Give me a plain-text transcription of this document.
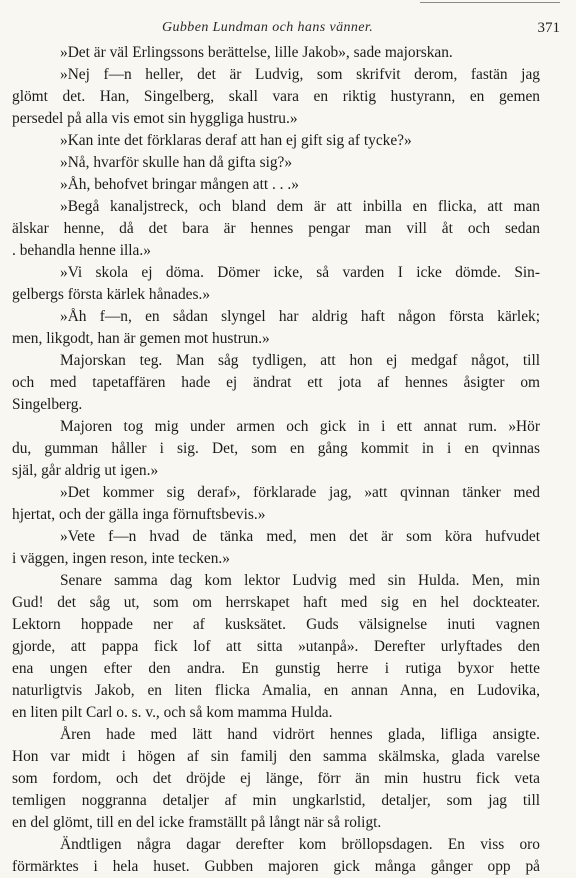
Gubben Lundman och hans vänner.	371
»Det är väl Erlingssons berättelse, lille Jakob», sade majorskan.
»Nej f—n heller, det är Ludvig, som skrifvit derom, fastän jag
glömt det. Han, Singelberg, skall vara en riktig hustyrann, en gemen
persedel på alla vis emot sin hyggliga hustru.»
»Kan inte det förklaras deraf att han ej gift sig af tycke?»
»Nå, hvarför skulle han då gifta sig?»
»Åh, behofvet bringar mången att . . .»
»Begå kanaljstreck, och bland dem är att inbilla en flicka, att man
älskar henne, då det bara är hennes pengar man vill åt och sedan
. behandla henne illa.»
»Vi skola ej döma. Dömer icke, så varden I icke dömde. Sin-
gelbergs första kärlek hånades.»
»Åh f—n, en sådan slyngel har aldrig haft någon första kärlek;
men, likgodt, han är gemen mot hustrun.»
Majorskan teg. Man såg tydligen, att hon ej medgaf något, till
och med tapetaffären hade ej ändrat ett jota af hennes åsigter om
Singelberg.
Majoren tog mig under armen och gick in i ett annat rum. »Hör
du, gumman håller i sig. Det, som en gång kommit in i en qvinnas
själ, går aldrig ut igen.»
»Det kommer sig deraf», förklarade jag, »att qvinnan tänker med
hjertat, och der gälla inga förnuftsbevis.»
»Vete f—n hvad de tänka med, men det är som köra hufvudet
i väggen, ingen reson, inte tecken.»
Senare samma dag kom lektor Ludvig med sin Hulda. Men, min
Gud! det såg ut, som om herrskapet haft med sig en hel dockteater.
Lektorn hoppade ner af kusksätet. Guds välsignelse inuti vagnen
gjorde, att pappa fick lof att sitta »utanpå». Derefter urlyftades den
ena ungen efter den andra. En gunstig herre i rutiga byxor hette
naturligtvis Jakob, en liten flicka Amalia, en annan Anna, en Ludovika,
en liten pilt Carl o. s. v., och så kom mamma Hulda.
Åren hade med lätt hand vidrört hennes glada, lifliga ansigte.
Hon var midt i högen af sin familj den samma skälmska, glada varelse
som fordom, och det dröjde ej länge, förr än min hustru fick veta
temligen noggranna detaljer af min ungkarlstid, detaljer, som jag till
en del glömt, till en del icke framställt på långt när så roligt.
Ändtligen några dagar derefter kom bröllopsdagen. En viss oro
förmärktes i hela huset. Gubben majoren gick många gånger opp på
